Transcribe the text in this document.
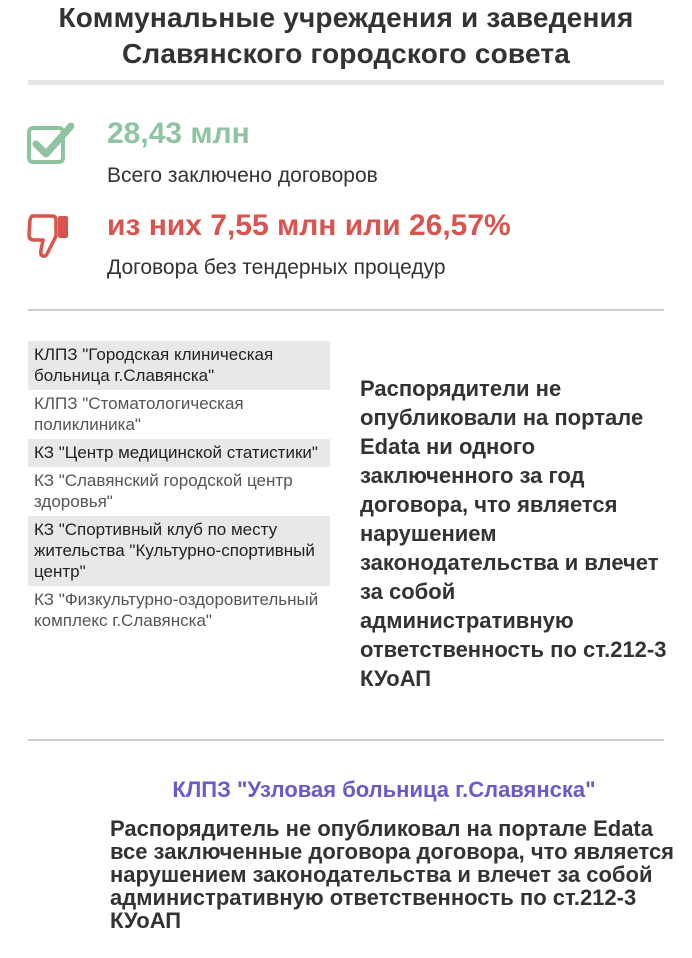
Коммунальные учреждения и заведения
Славянского городского совета
28,43 млн
Всего заключено договоров
из них 7,55 млн или 26,57%
Договора без тендерных процедур
КЛПЗ "Городская клиническая больница г.Славянска"
КЛПЗ "Стоматологическая поликлиника"
КЗ "Центр медицинской статистики"
КЗ "Славянский городской центр здоровья"
КЗ "Спортивный клуб по месту жительства "Культурно-спортивный центр"
КЗ "Физкультурно-оздоровительный комплекс г.Славянска"
Распорядители не опубликовали на портале Edata ни одного заключенного за год договора, что является нарушением законодательства и влечет за собой административную ответственность по ст.212-3 КУоАП
КЛПЗ "Узловая больница г.Славянска"
Распорядитель не опубликовал на портале Edata все заключенные договора договора, что является нарушением законодательства и влечет за собой административную ответственность по ст.212-3 КУоАП
